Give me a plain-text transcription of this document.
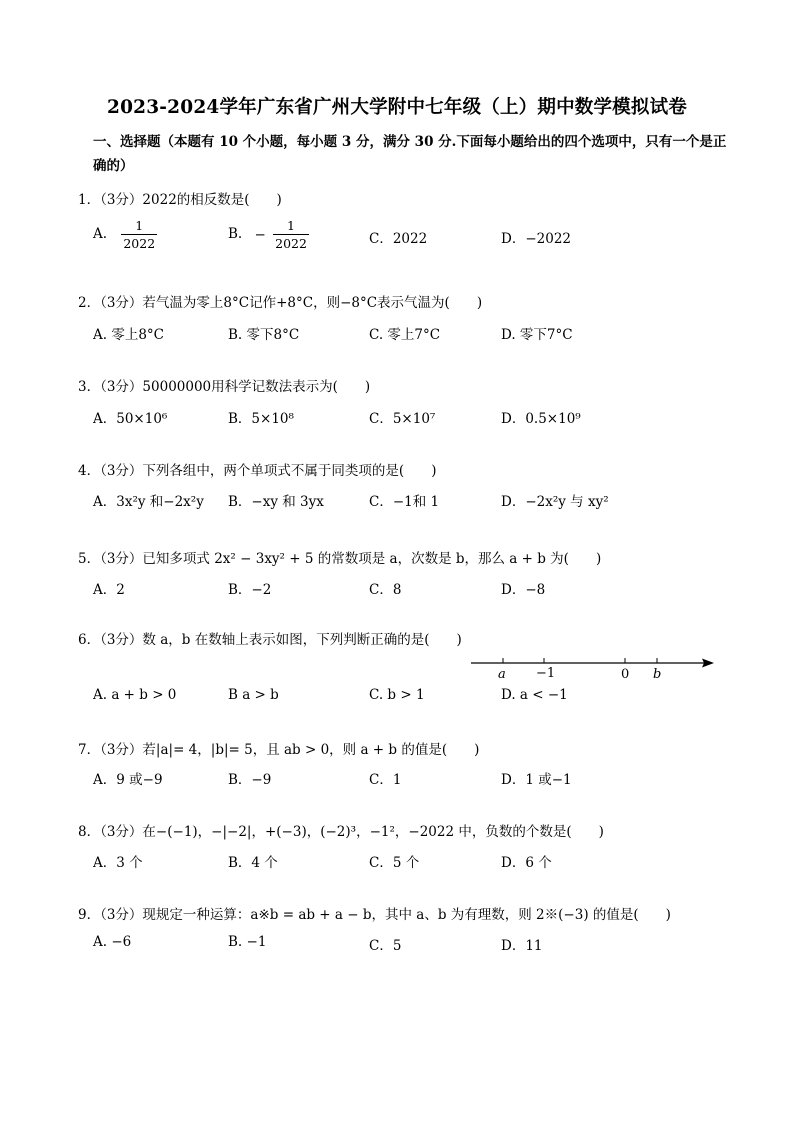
2023-2024学年广东省广州大学附中七年级（上）期中数学模拟试卷
一、选择题（本题有 10 个小题，每小题 3 分，满分 30 分.下面每小题给出的四个选项中，只有一个是正确的）
1．（3分）2022的相反数是(　　)
A. $\frac{1}{2022}$	B. − $\frac{1}{2022}$	C．2022	D．−2022
2．（3分）若气温为零上8°C记作+8°C，则−8°C表示气温为(　　)
A. 零上8°C	B. 零下8°C	C. 零上7°C	D. 零下7°C
3．（3分）50000000用科学记数法表示为(　　)
A．50×10⁶	B．5×10⁸	C．5×10⁷	D．0.5×10⁹
4．（3分）下列各组中，两个单项式不属于同类项的是(　　)
A．3x²y 和−2x²y B．−xy 和 3yx	C．−1和 1	D．−2x²y 与 xy²
5．（3分）已知多项式 2x² − 3xy² + 5 的常数项是 a，次数是 b，那么 a + b 为(　　)
A．2	B．−2	C．8	D．−8
6．（3分）数 a，b 在数轴上表示如图，下列判断正确的是(　　)
a −1	0 b
A. a + b > 0	B a > b	C. b > 1	D. a < −1
7．（3分）若|a|= 4，|b|= 5，且 ab > 0，则 a + b 的值是(　　)
A．9 或−9	B．−9	C．1	D．1 或−1
8．（3分）在−(−1)，−|−2|，+(−3)，(−2)³，−1²，−2022 中，负数的个数是(　　)
A．3 个	B．4 个	C．5 个	D．6 个
9．（3分）现规定一种运算：a※b = ab + a − b，其中 a、b 为有理数，则 2※(−3) 的值是(　　)
A. −6	B. −1	C．5	D．11
